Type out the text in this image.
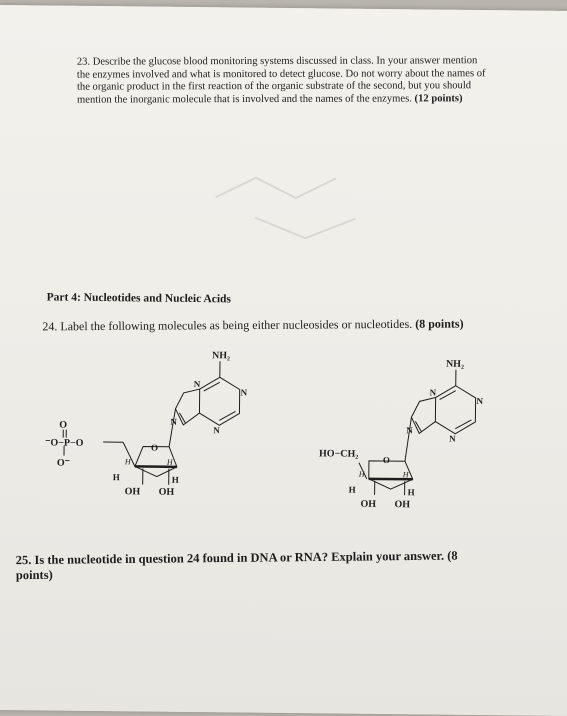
23. Describe the glucose blood monitoring systems discussed in class. In your answer mention the enzymes involved and what is monitored to detect glucose. Do not worry about the names of the organic product in the first reaction of the organic substrate of the second, but you should mention the inorganic molecule that is involved and the names of the enzymes. (12 points)
Part 4: Nucleotides and Nucleic Acids
24. Label the following molecules as being either nucleosides or nucleotides. (8 points)
NH₂
N
N
N
N
O
⁻O−P−O
O⁻
O
H	H
H	H
OH OH
NH₂
N
N
N
N
HO−CH₂
O
H	H
H	H
OH OH
25. Is the nucleotide in question 24 found in DNA or RNA? Explain your answer. (8 points)
